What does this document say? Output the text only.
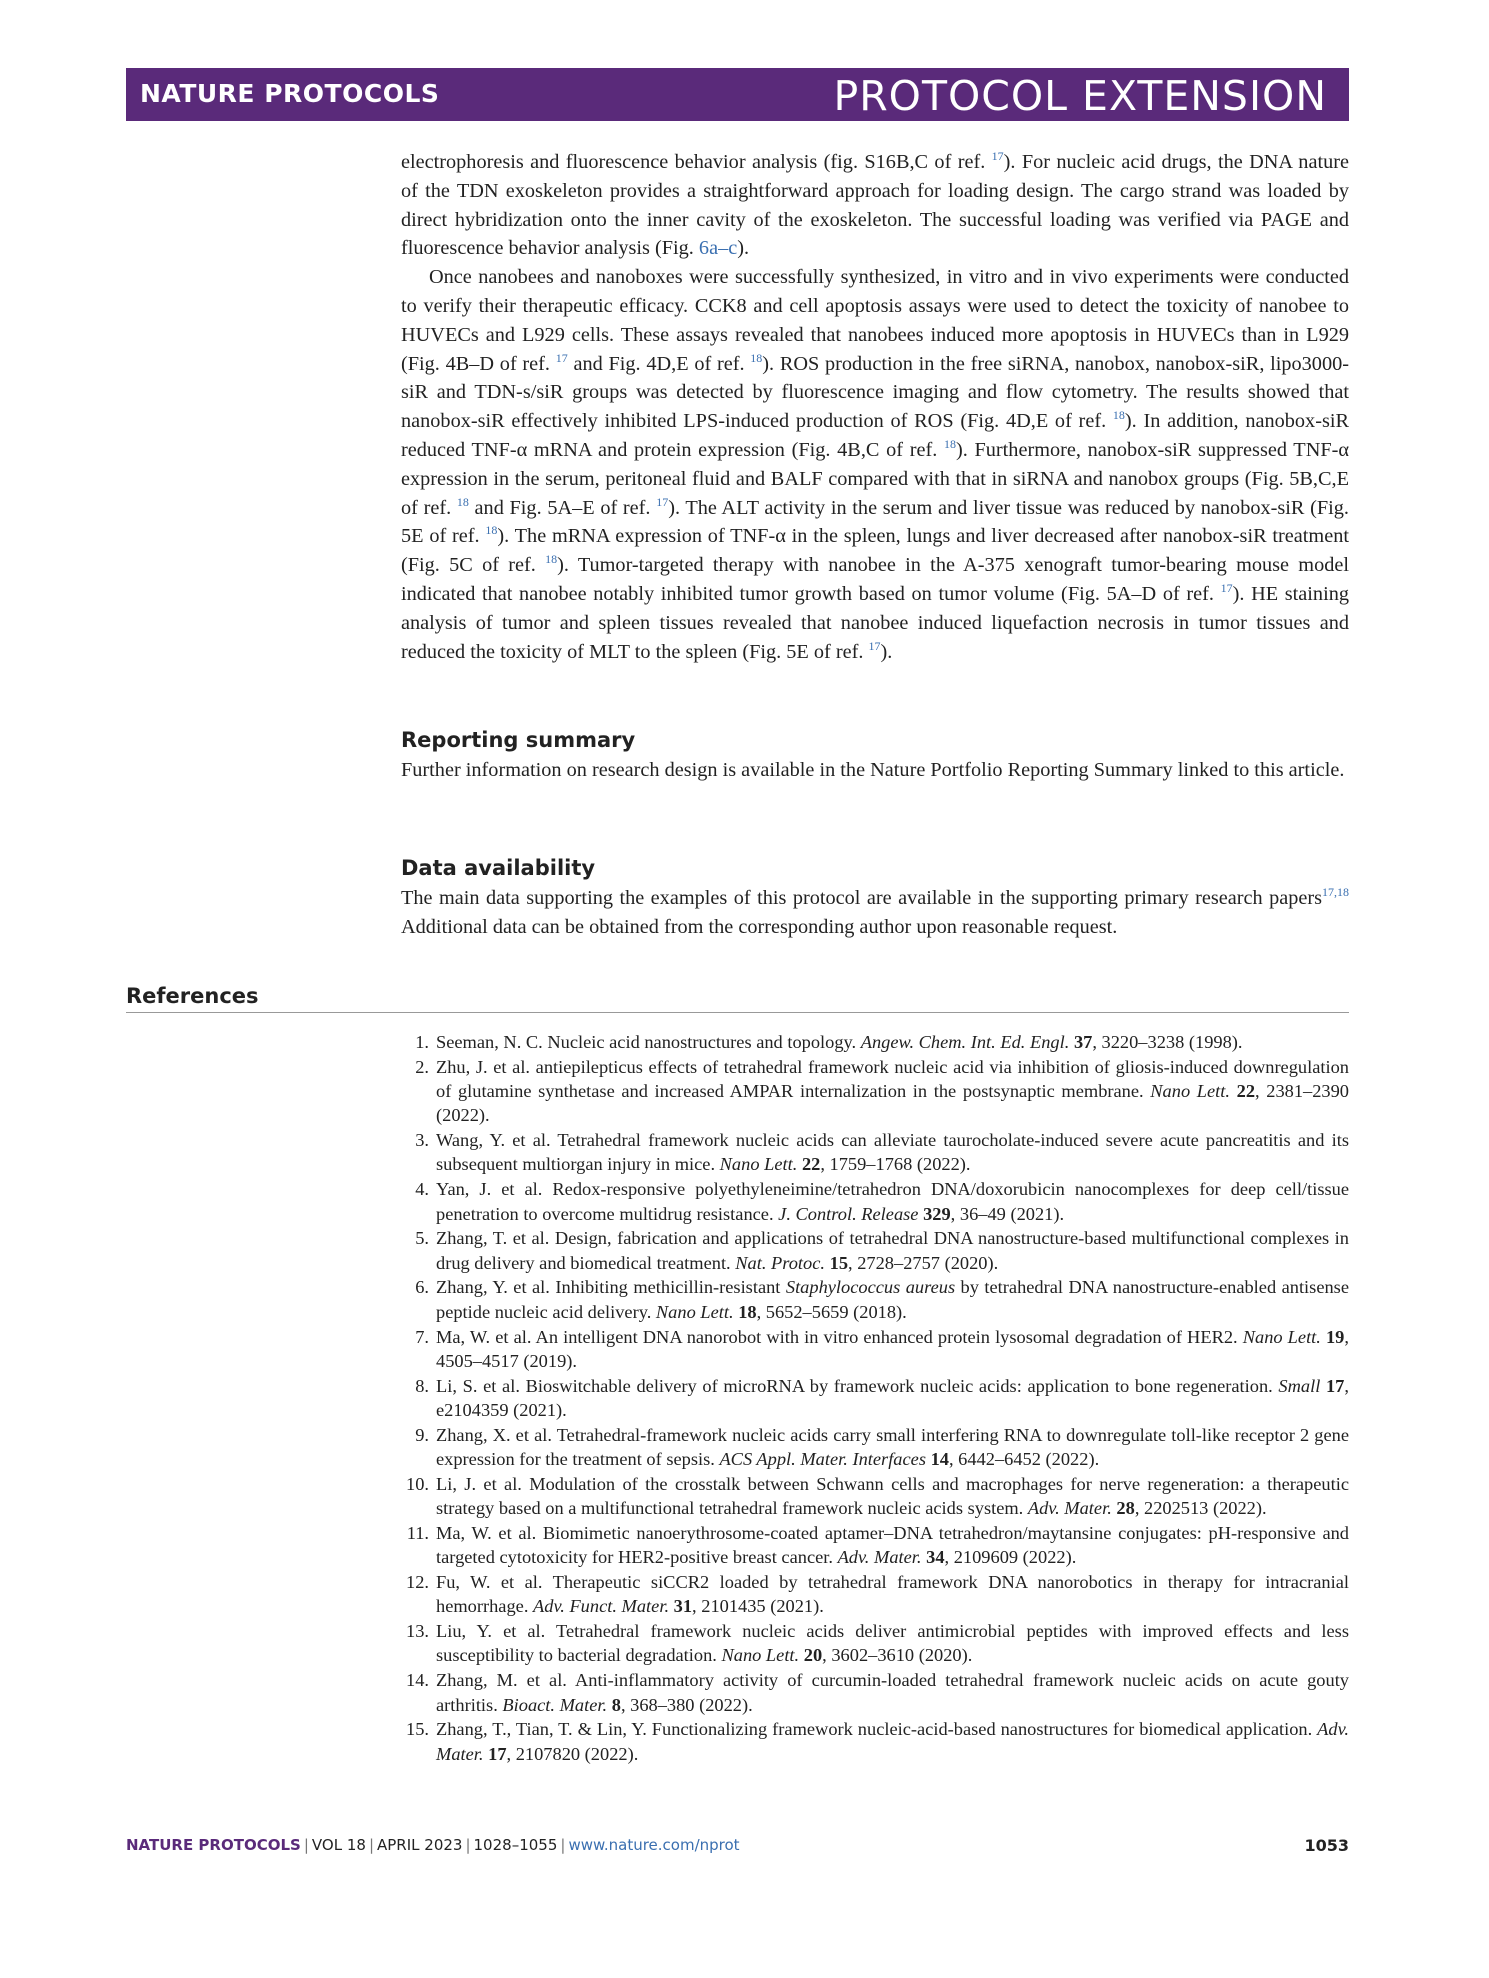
NATURE PROTOCOLS	PROTOCOL EXTENSION

electrophoresis and fluorescence behavior analysis (fig. S16B,C of ref. $^{17}$). For nucleic acid drugs, the DNA nature of the TDN exoskeleton provides a straightforward approach for loading design. The cargo strand was loaded by direct hybridization onto the inner cavity of the exoskeleton. The successful loading was verified via PAGE and fluorescence behavior analysis (Fig. 6a–c).

Once nanobees and nanoboxes were successfully synthesized, in vitro and in vivo experiments were conducted to verify their therapeutic efficacy. CCK8 and cell apoptosis assays were used to detect the toxicity of nanobee to HUVECs and L929 cells. These assays revealed that nanobees induced more apoptosis in HUVECs than in L929 (Fig. 4B–D of ref. $^{17}$ and Fig. 4D,E of ref. $^{18}$). ROS production in the free siRNA, nanobox, nanobox-siR, lipo3000-siR and TDN-s/siR groups was detected by fluorescence imaging and flow cytometry. The results showed that nanobox-siR effectively inhibited LPS-induced production of ROS (Fig. 4D,E of ref. $^{18}$). In addition, nanobox-siR reduced TNF-α mRNA and protein expression (Fig. 4B,C of ref. $^{18}$). Furthermore, nanobox-siR suppressed TNF-α expression in the serum, peritoneal fluid and BALF compared with that in siRNA and nanobox groups (Fig. 5B,C,E of ref. $^{18}$ and Fig. 5A–E of ref. $^{17}$). The ALT activity in the serum and liver tissue was reduced by nanobox-siR (Fig. 5E of ref. $^{18}$). The mRNA expression of TNF-α in the spleen, lungs and liver decreased after nanobox-siR treatment (Fig. 5C of ref. $^{18}$). Tumor-targeted therapy with nanobee in the A-375 xenograft tumor-bearing mouse model indicated that nanobee notably inhibited tumor growth based on tumor volume (Fig. 5A–D of ref. $^{17}$). HE staining analysis of tumor and spleen tissues revealed that nanobee induced liquefaction necrosis in tumor tissues and reduced the toxicity of MLT to the spleen (Fig. 5E of ref. $^{17}$).

Reporting summary

Further information on research design is available in the Nature Portfolio Reporting Summary linked to this article.

Data availability

The main data supporting the examples of this protocol are available in the supporting primary research papers$^{17,18}$ Additional data can be obtained from the corresponding author upon reasonable request.

References
1. Seeman, N. C. Nucleic acid nanostructures and topology. Angew. Chem. Int. Ed. Engl. 37, 3220–3238 (1998).
2. Zhu, J. et al. antiepilepticus effects of tetrahedral framework nucleic acid via inhibition of gliosis-induced downregulation of glutamine synthetase and increased AMPAR internalization in the postsynaptic membrane. Nano Lett. 22, 2381–2390 (2022).
3. Wang, Y. et al. Tetrahedral framework nucleic acids can alleviate taurocholate-induced severe acute pancreatitis and its subsequent multiorgan injury in mice. Nano Lett. 22, 1759–1768 (2022).
4. Yan, J. et al. Redox-responsive polyethyleneimine/tetrahedron DNA/doxorubicin nanocomplexes for deep cell/tissue penetration to overcome multidrug resistance. J. Control. Release 329, 36–49 (2021).
5. Zhang, T. et al. Design, fabrication and applications of tetrahedral DNA nanostructure-based multifunctional complexes in drug delivery and biomedical treatment. Nat. Protoc. 15, 2728–2757 (2020).
6. Zhang, Y. et al. Inhibiting methicillin-resistant Staphylococcus aureus by tetrahedral DNA nanostructure-enabled antisense peptide nucleic acid delivery. Nano Lett. 18, 5652–5659 (2018).
7. Ma, W. et al. An intelligent DNA nanorobot with in vitro enhanced protein lysosomal degradation of HER2. Nano Lett. 19, 4505–4517 (2019).
8. Li, S. et al. Bioswitchable delivery of microRNA by framework nucleic acids: application to bone regeneration. Small 17, e2104359 (2021).
9. Zhang, X. et al. Tetrahedral-framework nucleic acids carry small interfering RNA to downregulate toll-like receptor 2 gene expression for the treatment of sepsis. ACS Appl. Mater. Interfaces 14, 6442–6452 (2022).
10. Li, J. et al. Modulation of the crosstalk between Schwann cells and macrophages for nerve regeneration: a therapeutic strategy based on a multifunctional tetrahedral framework nucleic acids system. Adv. Mater. 28, 2202513 (2022).
11. Ma, W. et al. Biomimetic nanoerythrosome-coated aptamer–DNA tetrahedron/maytansine conjugates: pH-responsive and targeted cytotoxicity for HER2-positive breast cancer. Adv. Mater. 34, 2109609 (2022).
12. Fu, W. et al. Therapeutic siCCR2 loaded by tetrahedral framework DNA nanorobotics in therapy for intracranial hemorrhage. Adv. Funct. Mater. 31, 2101435 (2021).
13. Liu, Y. et al. Tetrahedral framework nucleic acids deliver antimicrobial peptides with improved effects and less susceptibility to bacterial degradation. Nano Lett. 20, 3602–3610 (2020).
14. Zhang, M. et al. Anti-inflammatory activity of curcumin-loaded tetrahedral framework nucleic acids on acute gouty arthritis. Bioact. Mater. 8, 368–380 (2022).
15. Zhang, T., Tian, T. & Lin, Y. Functionalizing framework nucleic-acid-based nanostructures for biomedical application. Adv. Mater. 17, 2107820 (2022).
NATURE PROTOCOLS | VOL 18 | APRIL 2023 | 1028–1055 | www.nature.com/nprot	1053
